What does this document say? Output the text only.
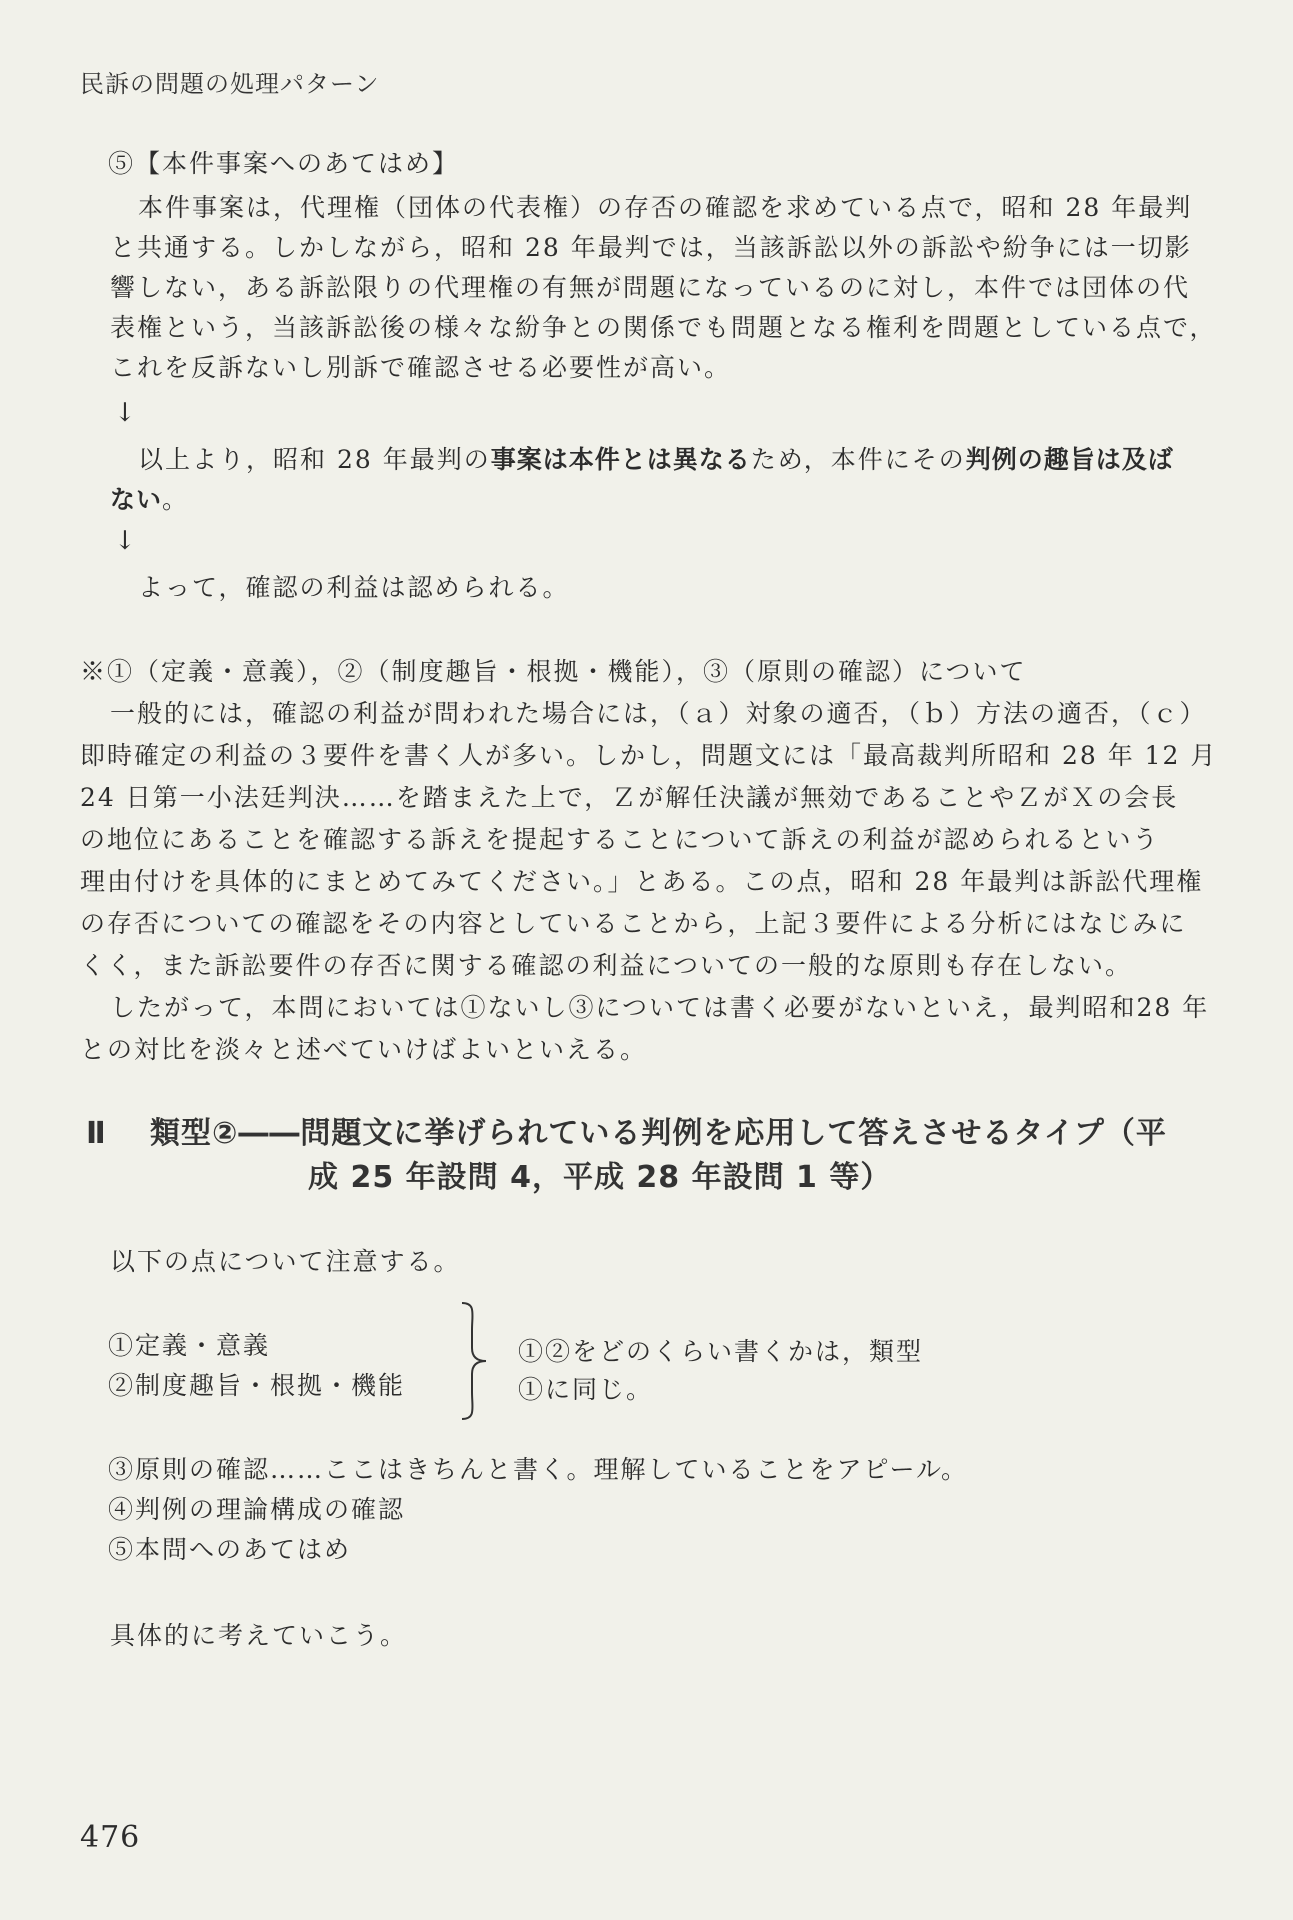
民訴の問題の処理パターン
⑤【本件事案へのあてはめ】
本件事案は，代理権（団体の代表権）の存否の確認を求めている点で，昭和 28 年最判
と共通する。しかしながら，昭和 28 年最判では，当該訴訟以外の訴訟や紛争には一切影
響しない，ある訴訟限りの代理権の有無が問題になっているのに対し，本件では団体の代
表権という，当該訴訟後の様々な紛争との関係でも問題となる権利を問題としている点で，
これを反訴ないし別訴で確認させる必要性が高い。
↓
以上より，昭和 28 年最判の事案は本件とは異なるため，本件にその判例の趣旨は及ば
ない。
↓
よって，確認の利益は認められる。
※①（定義・意義），②（制度趣旨・根拠・機能），③（原則の確認）について
一般的には，確認の利益が問われた場合には，（ａ）対象の適否，（ｂ）方法の適否，（ｃ）
即時確定の利益の３要件を書く人が多い。しかし，問題文には「最高裁判所昭和 28 年 12 月
24 日第一小法廷判決……を踏まえた上で，Ｚが解任決議が無効であることやＺがＸの会長
の地位にあることを確認する訴えを提起することについて訴えの利益が認められるという
理由付けを具体的にまとめてみてください。」とある。この点，昭和 28 年最判は訴訟代理権
の存否についての確認をその内容としていることから，上記３要件による分析にはなじみに
くく，また訴訟要件の存否に関する確認の利益についての一般的な原則も存在しない。
したがって，本問においては①ないし③については書く必要がないといえ，最判昭和28 年
との対比を淡々と述べていけばよいといえる。
Ⅱ 類型②――問題文に挙げられている判例を応用して答えさせるタイプ（平
成 25 年設問 4，平成 28 年設問 1 等）
以下の点について注意する。
①定義・意義
②制度趣旨・根拠・機能
①②をどのくらい書くかは，類型
①に同じ。
③原則の確認……ここはきちんと書く。理解していることをアピール。
④判例の理論構成の確認
⑤本問へのあてはめ
具体的に考えていこう。
476
